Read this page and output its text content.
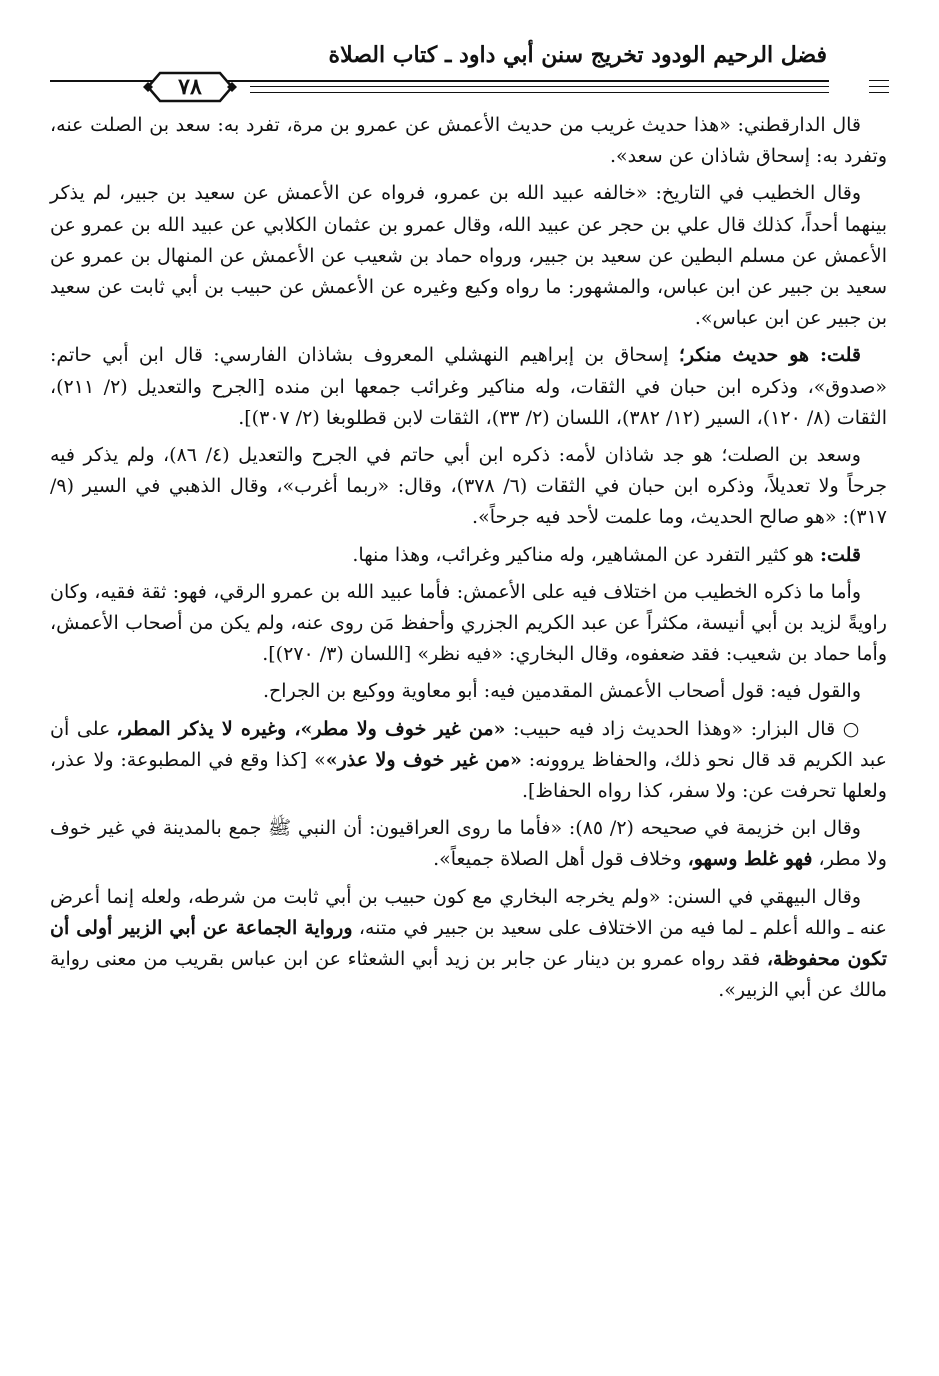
فضل الرحيم الودود تخريج سنن أبي داود ـ كتاب الصلاة
٧٨

قال الدارقطني: «هذا حديث غريب من حديث الأعمش عن عمرو بن مرة، تفرد به: سعد بن الصلت عنه، وتفرد به: إسحاق شاذان عن سعد».

وقال الخطيب في التاريخ: «خالفه عبيد الله بن عمرو، فرواه عن الأعمش عن سعيد بن جبير، لم يذكر بينهما أحداً، كذلك قال علي بن حجر عن عبيد الله، وقال عمرو بن عثمان الكلابي عن عبيد الله بن عمرو عن الأعمش عن مسلم البطين عن سعيد بن جبير، ورواه حماد بن شعيب عن الأعمش عن المنهال بن عمرو عن سعيد بن جبير عن ابن عباس، والمشهور: ما رواه وكيع وغيره عن الأعمش عن حبيب بن أبي ثابت عن سعيد بن جبير عن ابن عباس».

قلت: هو حديث منكر؛ إسحاق بن إبراهيم النهشلي المعروف بشاذان الفارسي: قال ابن أبي حاتم: «صدوق»، وذكره ابن حبان في الثقات، وله مناكير وغرائب جمعها ابن منده [الجرح والتعديل (٢/ ٢١١)، الثقات (٨/ ١٢٠)، السير (١٢/ ٣٨٢)، اللسان (٢/ ٣٣)، الثقات لابن قطلوبغا (٢/ ٣٠٧)].

وسعد بن الصلت؛ هو جد شاذان لأمه: ذكره ابن أبي حاتم في الجرح والتعديل (٤/ ٨٦)، ولم يذكر فيه جرحاً ولا تعديلاً، وذكره ابن حبان في الثقات (٦/ ٣٧٨)، وقال: «ربما أغرب»، وقال الذهبي في السير (٩/ ٣١٧): «هو صالح الحديث، وما علمت لأحد فيه جرحاً».

قلت: هو كثير التفرد عن المشاهير، وله مناكير وغرائب، وهذا منها.

وأما ما ذكره الخطيب من اختلاف فيه على الأعمش: فأما عبيد الله بن عمرو الرقي، فهو: ثقة فقيه، وكان راويةً لزيد بن أبي أنيسة، مكثراً عن عبد الكريم الجزري وأحفظ مَن روى عنه، ولم يكن من أصحاب الأعمش، وأما حماد بن شعيب: فقد ضعفوه، وقال البخاري: «فيه نظر» [اللسان (٣/ ٢٧٠)].

والقول فيه: قول أصحاب الأعمش المقدمين فيه: أبو معاوية ووكيع بن الجراح.

○ قال البزار: «وهذا الحديث زاد فيه حبيب: «من غير خوف ولا مطر»، وغيره لا يذكر المطر، على أن عبد الكريم قد قال نحو ذلك، والحفاظ يروونه: «من غير خوف ولا عذر»» [كذا وقع في المطبوعة: ولا عذر، ولعلها تحرفت عن: ولا سفر، كذا رواه الحفاظ].

وقال ابن خزيمة في صحيحه (٢/ ٨٥): «فأما ما روى العراقيون: أن النبي ﷺ جمع بالمدينة في غير خوف ولا مطر، فهو غلط وسهو، وخلاف قول أهل الصلاة جميعاً».

وقال البيهقي في السنن: «ولم يخرجه البخاري مع كون حبيب بن أبي ثابت من شرطه، ولعله إنما أعرض عنه ـ والله أعلم ـ لما فيه من الاختلاف على سعيد بن جبير في متنه، ورواية الجماعة عن أبي الزبير أولى أن تكون محفوظة، فقد رواه عمرو بن دينار عن جابر بن زيد أبي الشعثاء عن ابن عباس بقريب من معنى رواية مالك عن أبي الزبير».
